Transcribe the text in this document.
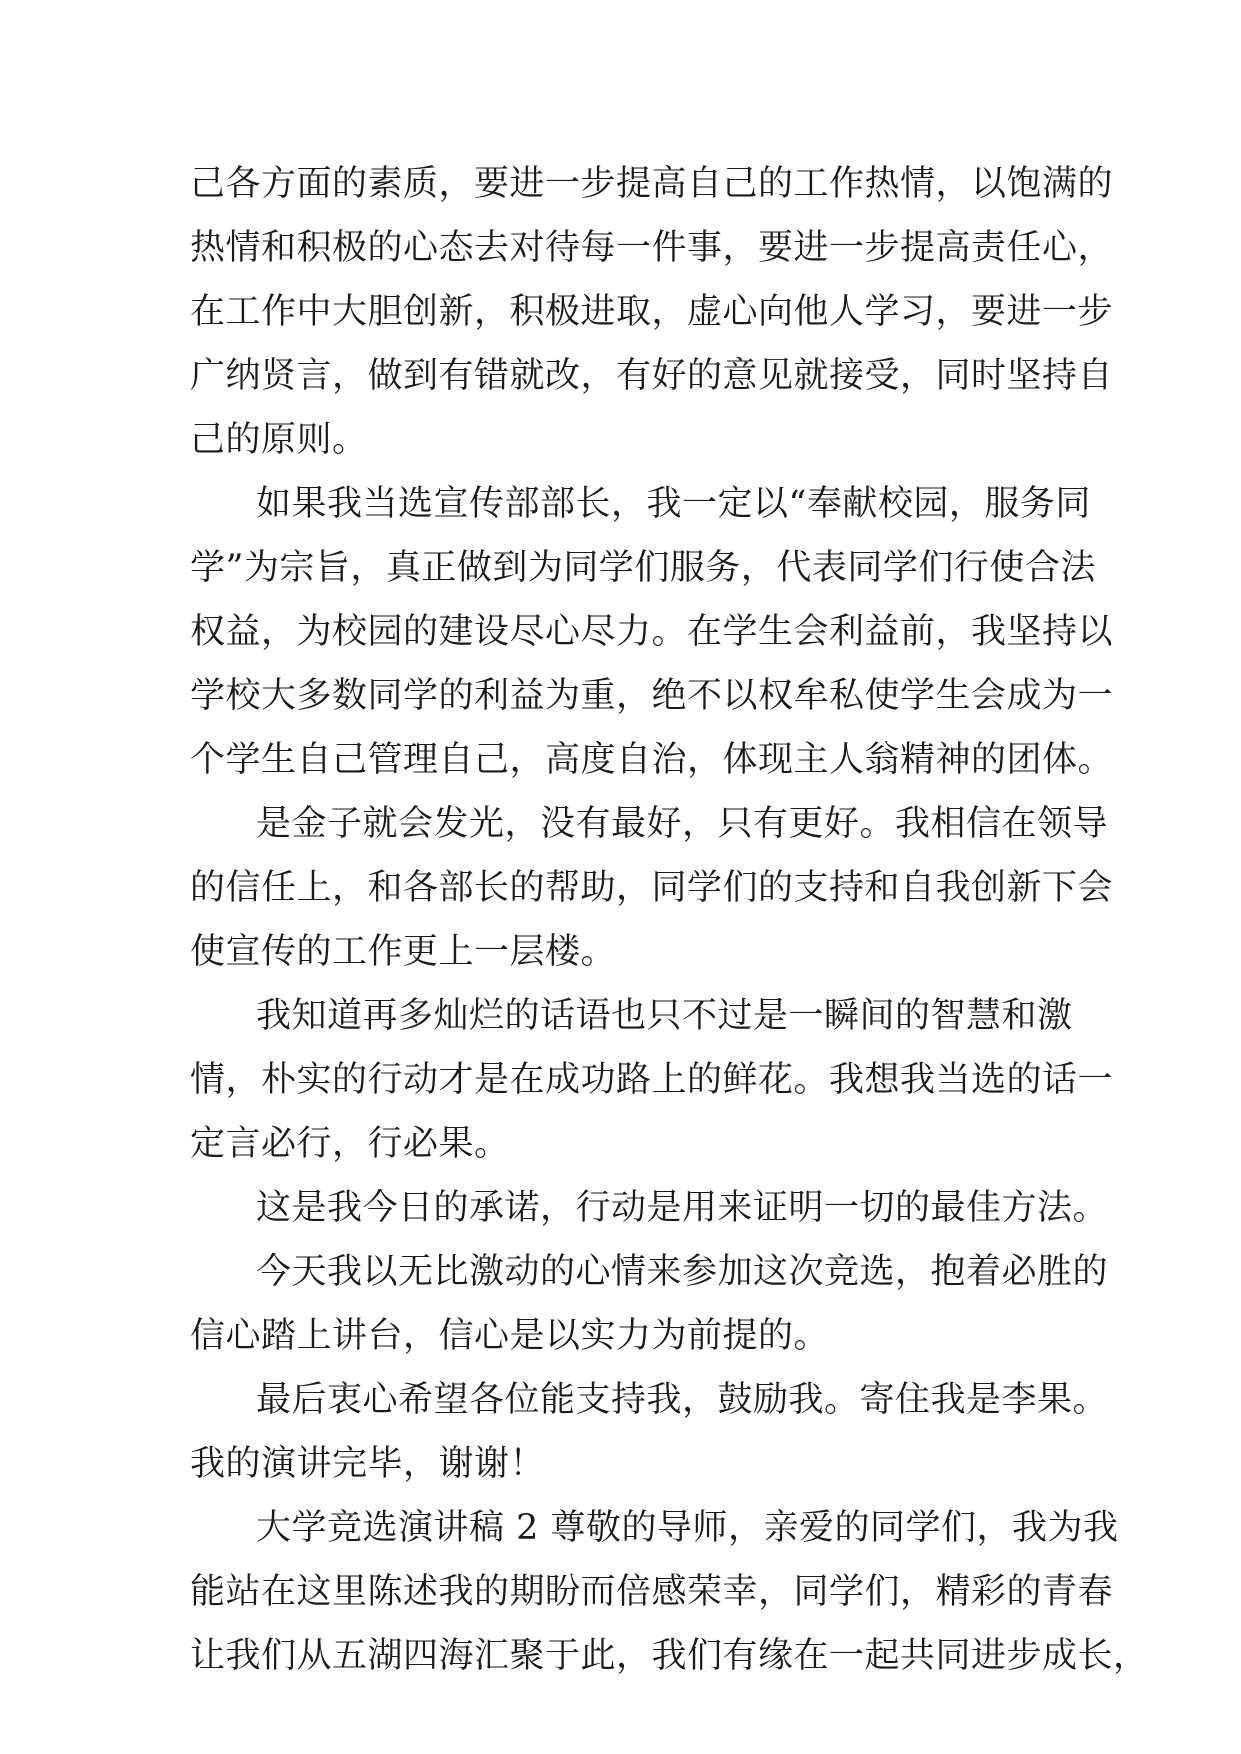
己各方面的素质，要进一步提高自己的工作热情，以饱满的
热情和积极的心态去对待每一件事，要进一步提高责任心，
在工作中大胆创新，积极进取，虚心向他人学习，要进一步
广纳贤言，做到有错就改，有好的意见就接受，同时坚持自
己的原则。
如果我当选宣传部部长，我一定以“奉献校园，服务同
学”为宗旨，真正做到为同学们服务，代表同学们行使合法
权益，为校园的建设尽心尽力。在学生会利益前，我坚持以
学校大多数同学的利益为重，绝不以权牟私使学生会成为一
个学生自己管理自己，高度自治，体现主人翁精神的团体。
是金子就会发光，没有最好，只有更好。我相信在领导
的信任上，和各部长的帮助，同学们的支持和自我创新下会
使宣传的工作更上一层楼。
我知道再多灿烂的话语也只不过是一瞬间的智慧和激
情，朴实的行动才是在成功路上的鲜花。我想我当选的话一
定言必行，行必果。
这是我今日的承诺，行动是用来证明一切的最佳方法。
今天我以无比激动的心情来参加这次竞选，抱着必胜的
信心踏上讲台，信心是以实力为前提的。
最后衷心希望各位能支持我，鼓励我。寄住我是李果。
我的演讲完毕，谢谢！
大学竞选演讲稿 2 尊敬的导师，亲爱的同学们，我为我
能站在这里陈述我的期盼而倍感荣幸，同学们，精彩的青春
让我们从五湖四海汇聚于此，我们有缘在一起共同进步成长，
